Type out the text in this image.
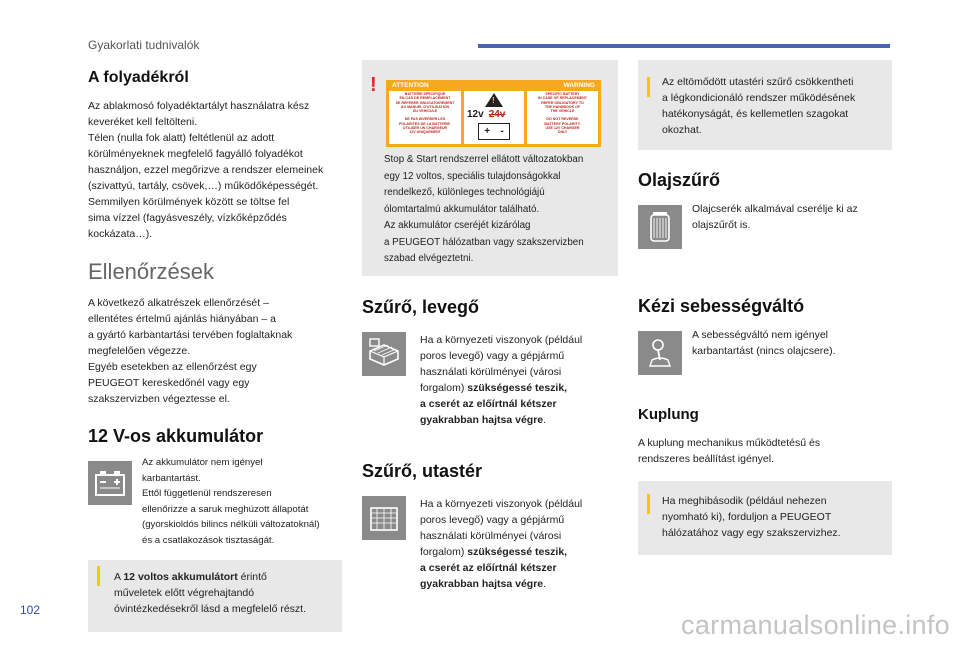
Gyakorlati tudnivalók
102	carmanualsonline.info
A folyadékról

Az ablakmosó folyadéktartályt használatra kész
keveréket kell feltölteni.
Télen (nulla fok alatt) feltétlenül az adott
körülményeknek megfelelő fagyálló folyadékot
használjon, ezzel megőrizve a rendszer elemeinek
(szivattyú, tartály, csövek,…) működőképességét.
Semmilyen körülmények között se töltse fel
sima vízzel (fagyásveszély, vízkőképződés
kockázata…).

Ellenőrzések

A következő alkatrészek ellenőrzését –
ellentétes értelmű ajánlás hiányában – a
a gyártó karbantartási tervében foglaltaknak
megfelelően végezze.
Egyéb esetekben az ellenőrzést egy
PEUGEOT kereskedőnél vagy egy
szakszervizben végeztesse el.

12 V-os akkumulátor

Az akkumulátor nem igényel
karbantartást.
Ettől függetlenül rendszeresen
ellenőrizze a saruk meghúzott állapotát
(gyorskioldós bilincs nélküli változatoknál)
és a csatlakozások tisztaságát.

A 12 voltos akkumulátort érintő
műveletek előtt végrehajtandó
óvintézkedésekről lásd a megfelelő részt.

! ATTENTION	WARNING
BATTERIE SPECIFIQUE
EN CAS DE REMPLACEMENT
SE REFERER OBLIGATOIREMENT
AU MANUEL D'UTILISATION
DU VEHICULE
NE PAS INVERSER LES
POLARITES DE LA BATTERIE.
UTILISER UN CHARGEUR
12V UNIQUEMENT
!
12v 24v
+ -
SPECIFIC BATTERY
IN CASE OF REPLACEMENT
REFER OBLIGATORY TO
THE HANDBOOK OF
THE VEHICLE
DO NOT REVERSE
BATTERY POLARITY.
USE 12V CHARGER
ONLY

Stop & Start rendszerrel ellátott változatokban
egy 12 voltos, speciális tulajdonságokkal
rendelkező, különleges technológiájú
ólomtartalmú akkumulátor található.
Az akkumulátor cseréjét kizárólag
a PEUGEOT hálózatban vagy szakszervizben
szabad elvégeztetni.

Szűrő, levegő

Ha a környezeti viszonyok (például
poros levegő) vagy a gépjármű
használati körülményei (városi
forgalom) szükségessé teszik,
a cserét az előírtnál kétszer
gyakrabban hajtsa végre.

Szűrő, utastér

Ha a környezeti viszonyok (például
poros levegő) vagy a gépjármű
használati körülményei (városi
forgalom) szükségessé teszik,
a cserét az előírtnál kétszer
gyakrabban hajtsa végre.

Az eltömődött utastéri szűrő csökkentheti
a légkondicionáló rendszer működésének
hatékonyságát, és kellemetlen szagokat
okozhat.

Olajszűrő

Olajcserék alkalmával cserélje ki az
olajszűrőt is.

Kézi sebességváltó

A sebességváltó nem igényel
karbantartást (nincs olajcsere).

Kuplung

A kuplung mechanikus működtetésű és
rendszeres beállítást igényel.

Ha meghibásodik (például nehezen
nyomható ki), forduljon a PEUGEOT
hálózatához vagy egy szakszervizhez.
